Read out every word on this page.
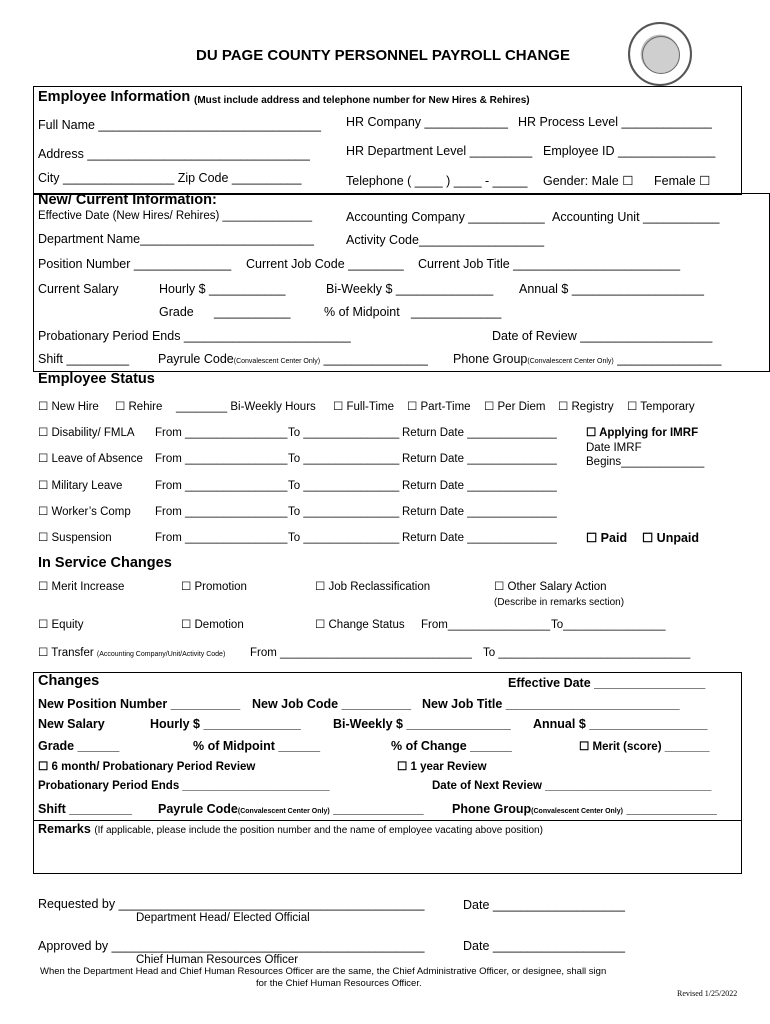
DU PAGE COUNTY PERSONNEL PAYROLL CHANGE
Employee Information (Must include address and telephone number for New Hires & Rehires)
Full Name ________________________________ HR Company ____________ HR Process Level _____________
Address ________________________________	HR Department Level _________ Employee ID ______________
City ________________ Zip Code __________	Telephone ( ____ ) ____ - _____ Gender: Male ☐ Female ☐
New/ Current Information:
Effective Date (New Hires/ Rehires) ______________	Accounting Company ___________ Accounting Unit ___________
Department Name_________________________	Activity Code__________________
Position Number ______________ Current Job Code ________ Current Job Title ________________________
Current Salary	Hourly $ ___________	Bi-Weekly $ ______________ Annual $ ___________________
Grade ___________	% of Midpoint _____________
Probationary Period Ends ________________________	Date of Review ___________________
Shift _________ Payrule Code(Convalescent Center Only) _______________ Phone Group(Convalescent Center Only) _______________
Employee Status
☐ New Hire ☐ Rehire ________ Bi-Weekly Hours ☐ Full-Time ☐ Part-Time ☐ Per Diem ☐ Registry ☐ Temporary
☐ Disability/ FMLA From ________________ To _______________ Return Date ______________	☐ Applying for IMRF
Date IMRF
Begins_____________
☐ Leave of Absence From ________________ To _______________ Return Date ______________
☐ Military Leave	From ________________ To _______________ Return Date ______________
☐ Worker’s Comp From ________________ To _______________ Return Date ______________
☐ Suspension	From ________________ To _______________ Return Date ______________ ☐ Paid ☐ Unpaid
In Service Changes
☐ Merit Increase	☐ Promotion	☐ Job Reclassification	☐ Other Salary Action
(Describe in remarks section)
☐ Equity	☐ Demotion	☐ Change Status From________________ To________________
☐ Transfer (Accounting Company/Unit/Activity Code) From ______________________________ To ______________________________
Changes	Effective Date ________________
New Position Number __________ New Job Code __________ New Job Title _________________________
New Salary	Hourly $ ______________	Bi-Weekly $ _______________ Annual $ _________________
Grade ______	% of Midpoint ______	% of Change ______	☐ Merit (score) _______
☐ 6 month/ Probationary Period Review	☐ 1 year Review
Probationary Period Ends _______________________	Date of Next Review __________________________
Shift _________ Payrule Code(Convalescent Center Only) _____________ Phone Group(Convalescent Center Only) _____________
Remarks (If applicable, please include the position number and the name of employee vacating above position)
Requested by ____________________________________________
Department Head/ Elected Official
Date ___________________
Approved by _____________________________________________
Chief Human Resources Officer
Date ___________________
When the Department Head and Chief Human Resources Officer are the same, the Chief Administrative Officer, or designee, shall sign
for the Chief Human Resources Officer.
Revised 1/25/2022
